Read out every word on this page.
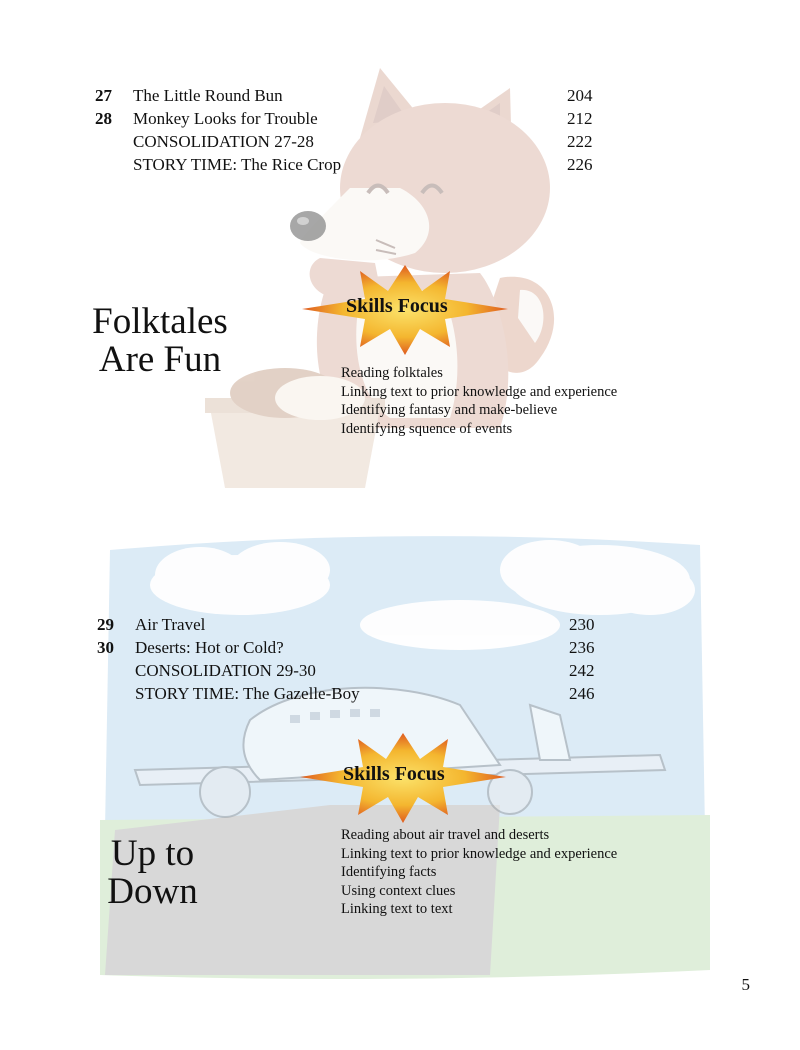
27	The Little Round Bun	204
28	Monkey Looks for Trouble	212
CONSOLIDATION 27-28	222
STORY TIME: The Rice Crop	226
Folktales
Are Fun
Skills Focus
Reading folktales
Linking text to prior knowledge and experience
Identifying fantasy and make-believe
Identifying squence of events
29	Air Travel	230
30	Deserts: Hot or Cold?	236
CONSOLIDATION 29-30	242
STORY TIME: The Gazelle-Boy	246
Skills Focus
Up to
Down
Reading about air travel and deserts
Linking text to prior knowledge and experience
Identifying facts
Using context clues
Linking text to text
5
